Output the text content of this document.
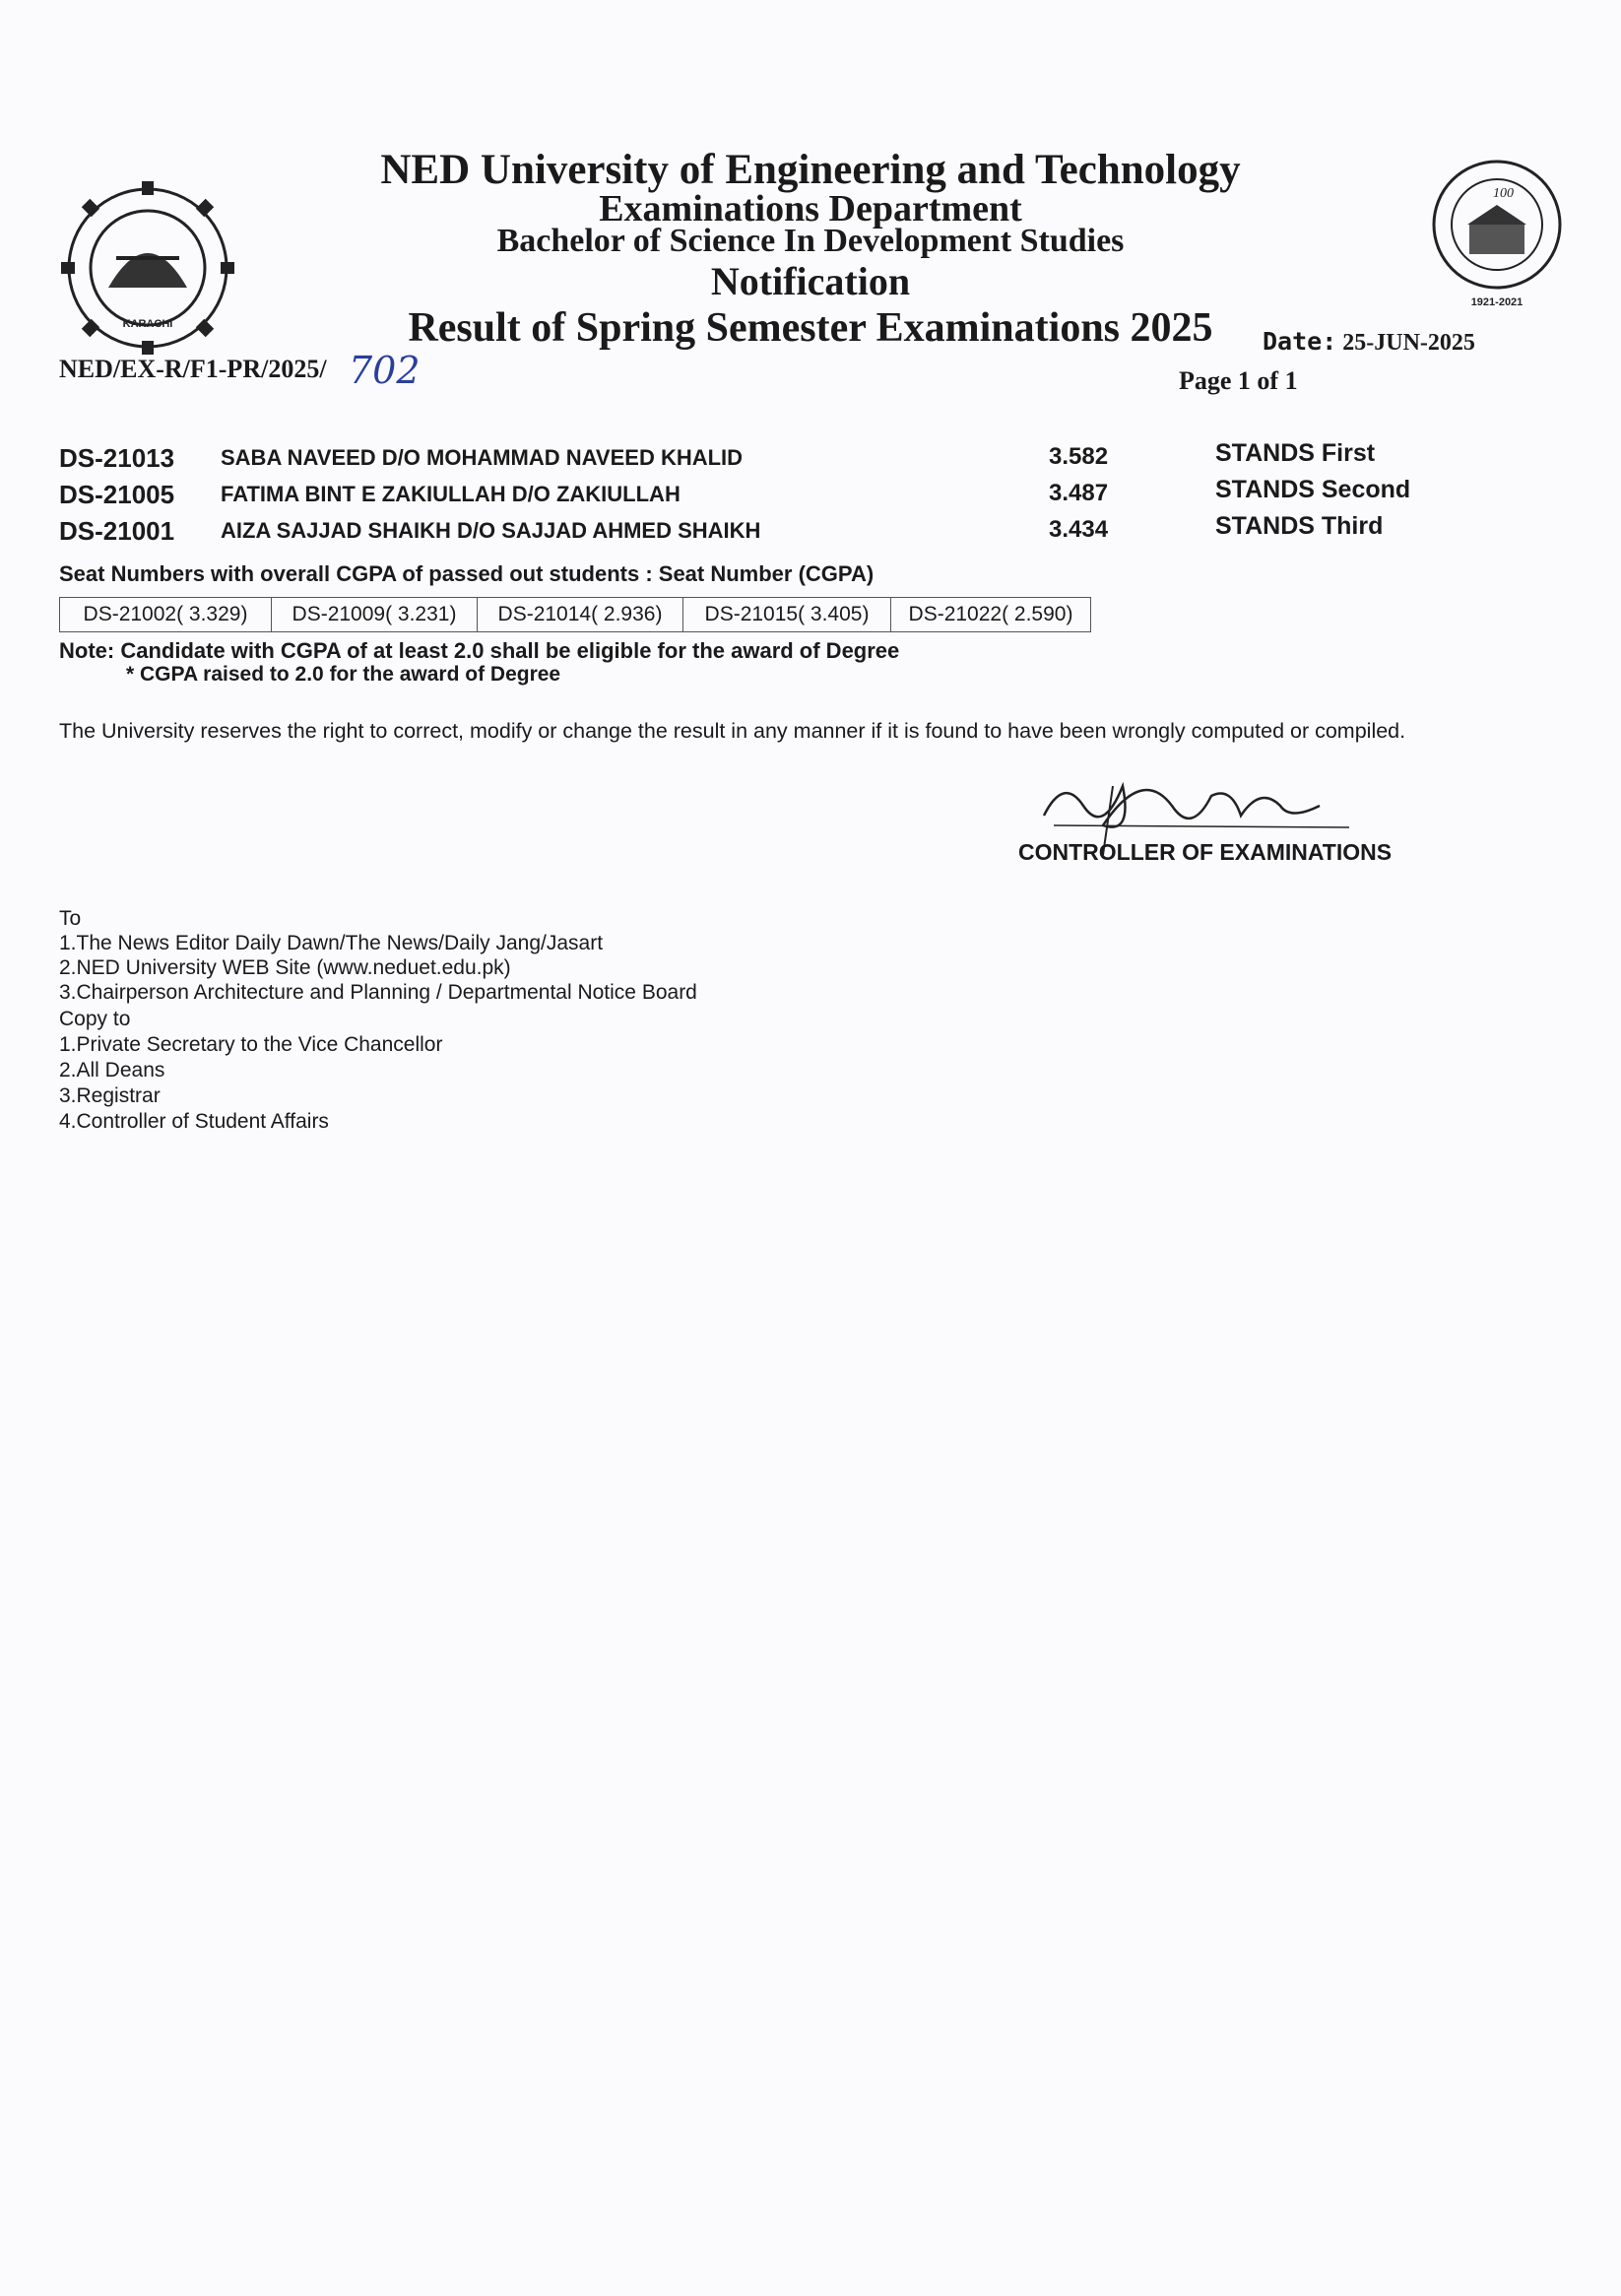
KARACHI
100
1921-2021
NED University of Engineering and Technology
Examinations Department
Bachelor of Science In Development Studies
Notification
Result of Spring Semester Examinations 2025
NED/EX-R/F1-PR/2025/ 702
Date: 25-JUN-2025
Page 1 of 1
DS-21013 SABA NAVEED D/O MOHAMMAD NAVEED KHALID	3.582	STANDS First
DS-21005 FATIMA BINT E ZAKIULLAH D/O ZAKIULLAH	3.487	STANDS Second
DS-21001 AIZA SAJJAD SHAIKH D/O SAJJAD AHMED SHAIKH	3.434	STANDS Third
Seat Numbers with overall CGPA of passed out students : Seat Number (CGPA)
DS-21002( 3.329)	DS-21009( 3.231)	DS-21014( 2.936)	DS-21015( 3.405)	DS-21022( 2.590)
Note: Candidate with CGPA of at least 2.0 shall be eligible for the award of Degree
* CGPA raised to 2.0 for the award of Degree
The University reserves the right to correct, modify or change the result in any manner if it is found to have been wrongly computed or compiled.
CONTROLLER OF EXAMINATIONS
To
1.The News Editor Daily Dawn/The News/Daily Jang/Jasart
2.NED University WEB Site (www.neduet.edu.pk)
3.Chairperson Architecture and Planning / Departmental Notice Board
Copy to
1.Private Secretary to the Vice Chancellor
2.All Deans
3.Registrar
4.Controller of Student Affairs
